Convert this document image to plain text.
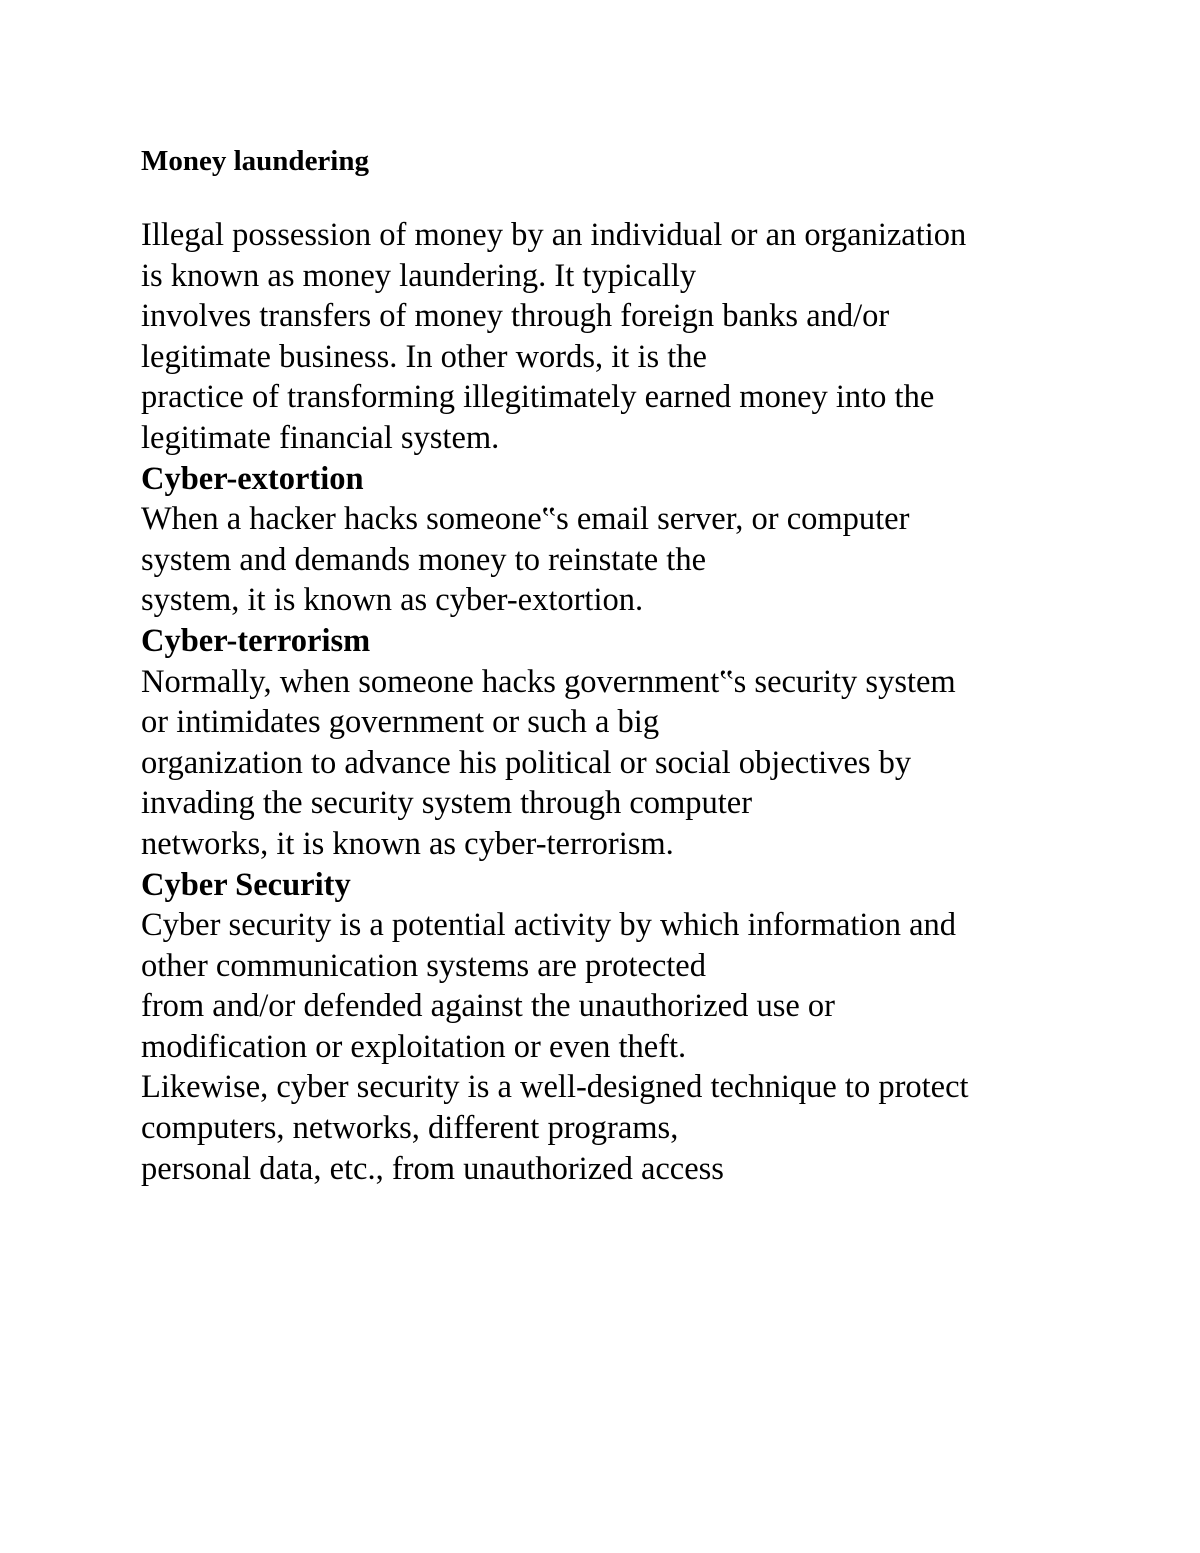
Money laundering
Illegal possession of money by an individual or an organization
is known as money laundering. It typically
involves transfers of money through foreign banks and/or
legitimate business. In other words, it is the
practice of transforming illegitimately earned money into the
legitimate financial system.
Cyber-extortion
When a hacker hacks someone‟s email server, or computer
system and demands money to reinstate the
system, it is known as cyber-extortion.
Cyber-terrorism
Normally, when someone hacks government‟s security system
or intimidates government or such a big
organization to advance his political or social objectives by
invading the security system through computer
networks, it is known as cyber-terrorism.
Cyber Security
Cyber security is a potential activity by which information and
other communication systems are protected
from and/or defended against the unauthorized use or
modification or exploitation or even theft.
Likewise, cyber security is a well-designed technique to protect
computers, networks, different programs,
personal data, etc., from unauthorized access
